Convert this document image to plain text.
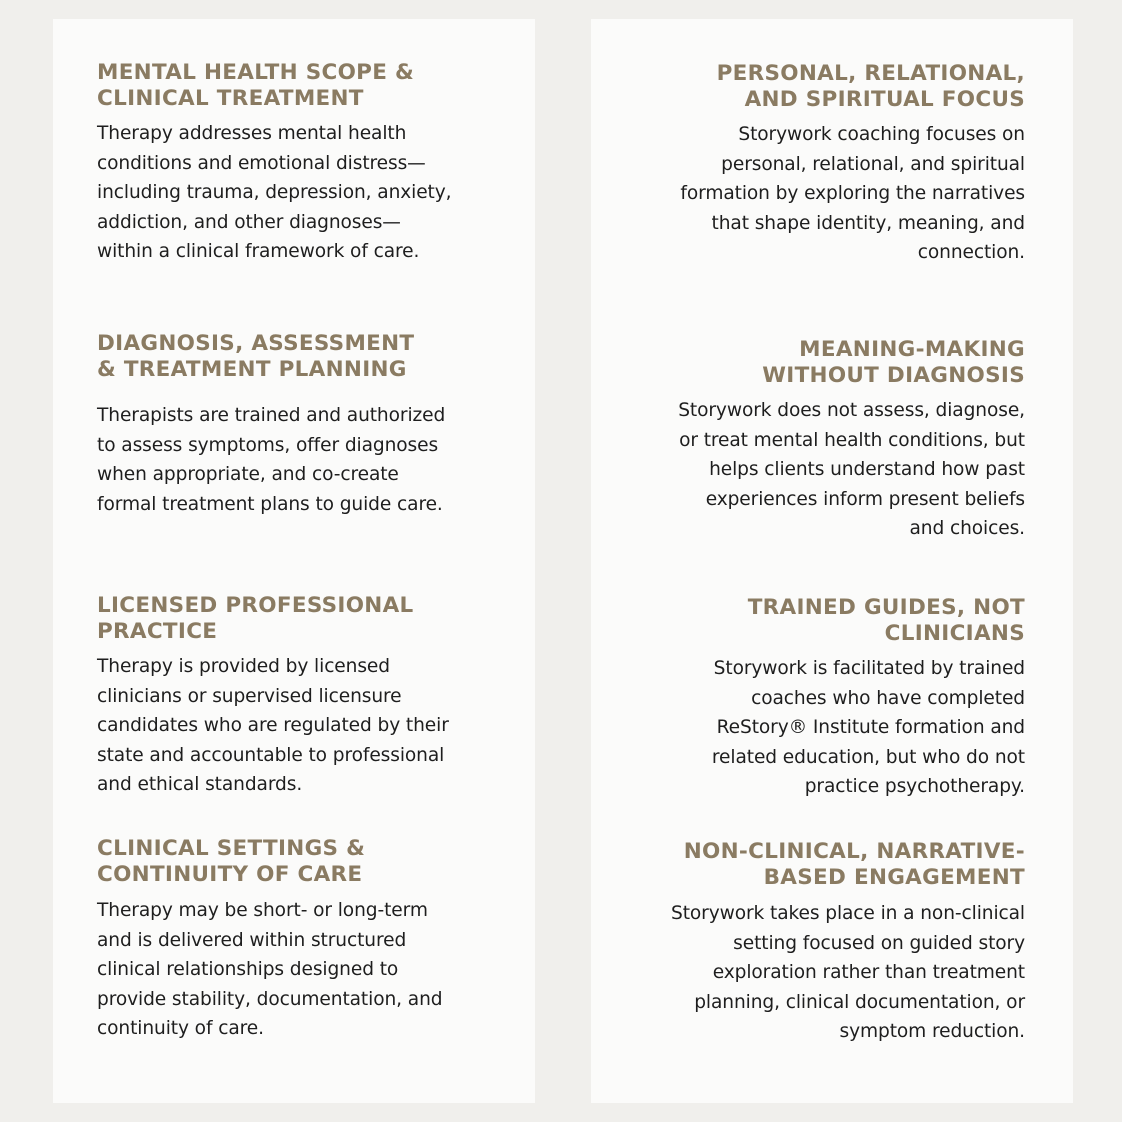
MENTAL HEALTH SCOPE &
CLINICAL TREATMENT

Therapy addresses mental health
conditions and emotional distress—
including trauma, depression, anxiety,
addiction, and other diagnoses—
within a clinical framework of care.

DIAGNOSIS, ASSESSMENT
& TREATMENT PLANNING

Therapists are trained and authorized
to assess symptoms, offer diagnoses
when appropriate, and co-create
formal treatment plans to guide care.

LICENSED PROFESSIONAL
PRACTICE

Therapy is provided by licensed
clinicians or supervised licensure
candidates who are regulated by their
state and accountable to professional
and ethical standards.

CLINICAL SETTINGS &
CONTINUITY OF CARE

Therapy may be short- or long-term
and is delivered within structured
clinical relationships designed to
provide stability, documentation, and
continuity of care.

PERSONAL, RELATIONAL,
AND SPIRITUAL FOCUS

Storywork coaching focuses on
personal, relational, and spiritual
formation by exploring the narratives
that shape identity, meaning, and
connection.

MEANING-MAKING
WITHOUT DIAGNOSIS

Storywork does not assess, diagnose,
or treat mental health conditions, but
helps clients understand how past
experiences inform present beliefs
and choices.

TRAINED GUIDES, NOT
CLINICIANS

Storywork is facilitated by trained
coaches who have completed
ReStory® Institute formation and
related education, but who do not
practice psychotherapy.

NON-CLINICAL, NARRATIVE-
BASED ENGAGEMENT

Storywork takes place in a non-clinical
setting focused on guided story
exploration rather than treatment
planning, clinical documentation, or
symptom reduction.
